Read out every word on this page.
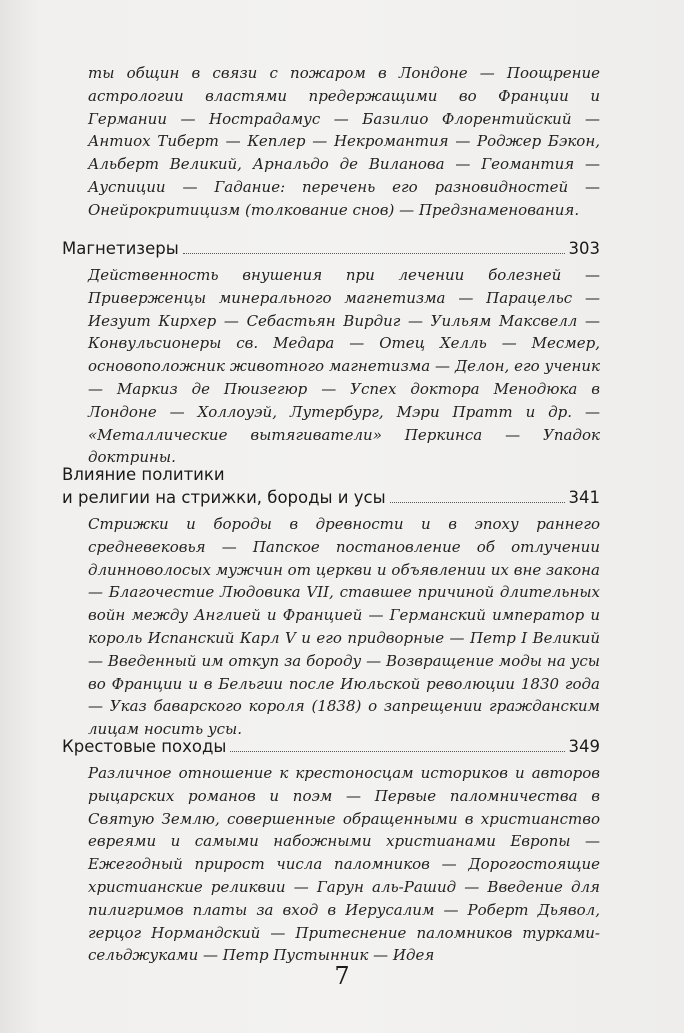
ты общин в связи с пожаром в Лондоне — Поощрение астрологии властями предержащими во Франции и Германии — Нострадамус — Базилио Флорентийский — Антиох Тиберт — Кеплер — Некромантия — Роджер Бэкон, Альберт Великий, Арнальдо де Виланова — Геомантия — Ауспиции — Гадание: перечень его разновидностей — Онейрокритицизм (толкование снов) — Предзнаменования.

Магнетизеры	303

Действенность внушения при лечении болезней — Приверженцы минерального магнетизма — Парацельс — Иезуит Кирхер — Себастьян Вирдиг — Уильям Максвелл — Конвульсионеры св. Медара — Отец Хелль — Месмер, основоположник животного магнетизма — Делон, его ученик — Маркиз де Пюизегюр — Успех доктора Менодюка в Лондоне — Холлоуэй, Лутербург, Мэри Пратт и др. — «Металлические вытягиватели» Перкинса — Упадок доктрины.

Влияние политики
и религии на стрижки, бороды и усы	341

Стрижки и бороды в древности и в эпоху раннего средневековья — Папское постановление об отлучении длинноволосых мужчин от церкви и объявлении их вне закона — Благочестие Людовика VII, ставшее причиной длительных войн между Англией и Францией — Германский император и король Испанский Карл V и его придворные — Петр I Великий — Введенный им откуп за бороду — Возвращение моды на усы во Франции и в Бельгии после Июльской революции 1830 года — Указ баварского короля (1838) о запрещении гражданским лицам носить усы.

Крестовые походы	349

Различное отношение к крестоносцам историков и авторов рыцарских романов и поэм — Первые паломничества в Святую Землю, совершенные обращенными в христианство евреями и самыми набожными христианами Европы — Ежегодный прирост числа паломников — Дорогостоящие христианские реликвии — Гарун аль-Рашид — Введение для пилигримов платы за вход в Иерусалим — Роберт Дьявол, герцог Нормандский — Притеснение паломников турками-сельджуками — Петр Пустынник — Идея

7
